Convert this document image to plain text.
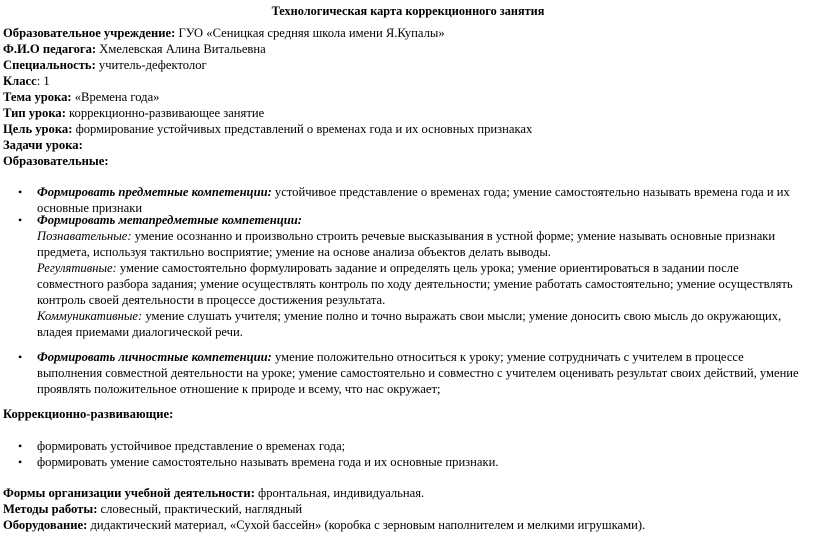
Технологическая карта коррекционного занятия
Образовательное учреждение: ГУО «Сеницкая средняя школа имени Я.Купалы»
Ф.И.О педагога: Хмелевская Алина Витальевна
Специальность: учитель-дефектолог
Класс: 1
Тема урока: «Времена года»
Тип урока: коррекционно-развивающее занятие
Цель урока: формирование устойчивых представлений о временах года и их основных признаках
Задачи урока:
Образовательные:
• Формировать предметные компетенции: устойчивое представление о временах года; умение самостоятельно называть времена года и их основные признаки
• Формировать метапредметные компетенции:
Познавательные: умение осознанно и произвольно строить речевые высказывания в устной форме; умение называть основные признаки предмета, используя тактильно восприятие; умение на основе анализа объектов делать выводы.
Регулятивные: умение самостоятельно формулировать задание и определять цель урока; умение ориентироваться в задании после совместного разбора задания; умение осуществлять контроль по ходу деятельности; умение работать самостоятельно; умение осуществлять контроль своей деятельности в процессе достижения результата.
Коммуникативные: умение слушать учителя; умение полно и точно выражать свои мысли; умение доносить свою мысль до окружающих, владея приемами диалогической речи.
• Формировать личностные компетенции: умение положительно относиться к уроку; умение сотрудничать с учителем в процессе выполнения совместной деятельности на уроке; умение самостоятельно и совместно с учителем оценивать результат своих действий, умение проявлять положительное отношение к природе и всему, что нас окружает;
Коррекционно-развивающие:
• формировать устойчивое представление о временах года;
• формировать умение самостоятельно называть времена года и их основные признаки.
Формы организации учебной деятельности: фронтальная, индивидуальная.
Методы работы: словесный, практический, наглядный
Оборудование: дидактический материал, «Сухой бассейн» (коробка с зерновым наполнителем и мелкими игрушками).
